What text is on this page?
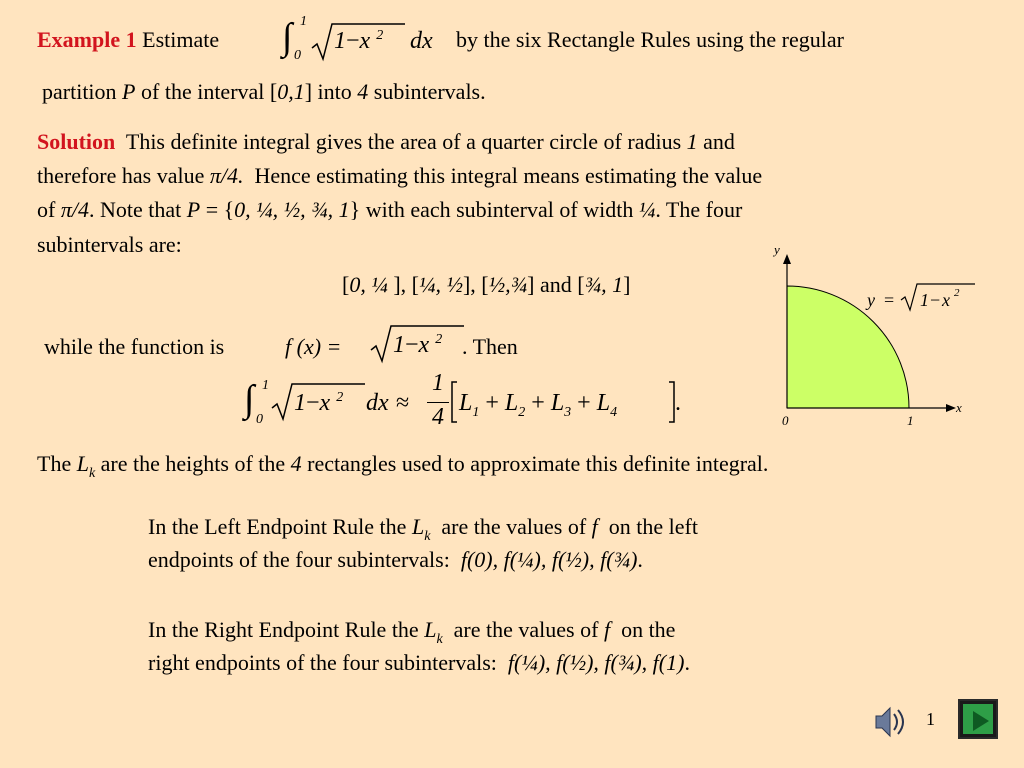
Example 1 Estimate ∫ 1
0
1−x $^2$ dx by the six Rectangle Rules using the regular
partition P of the interval [0,1] into 4 subintervals.
Solution This definite integral gives the area of a quarter circle of radius 1 and
therefore has value π/4. Hence estimating this integral means estimating the value
of π/4. Note that P = {0, ¼, ½, ¾, 1} with each subinterval of width ¼. The four
subintervals are:
[0, ¼ ], [¼, ½], [½,¾] and [¾, 1]
while the function is	f (x) = 1−x $^2$ . Then
∫ 1
0
1−x $^2$ dx ≈
1
4
$L_1 + L_2 + L_3 + L_4$ .
The $L_k$ are the heights of the 4 rectangles used to approximate this definite integral.
In the Left Endpoint Rule the $L_k$ are the values of f on the left
endpoints of the four subintervals: f(0), f(¼), f(½), f(¾).
In the Right Endpoint Rule the $L_k$ are the values of f on the
right endpoints of the four subintervals: f(¼), f(½), f(¾), f(1).
y
x
0	1
y = 1 − x 2
1
